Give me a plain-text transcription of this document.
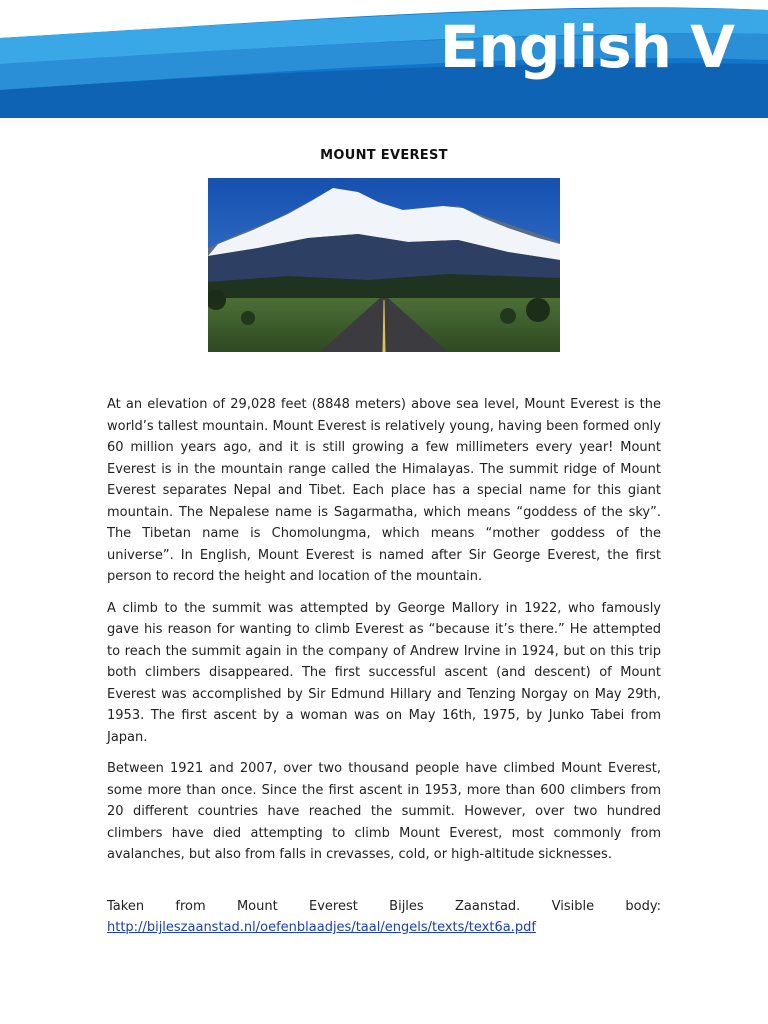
English V
MOUNT EVEREST

At an elevation of 29,028 feet (8848 meters) above sea level, Mount Everest is the world’s tallest mountain. Mount Everest is relatively young, having been formed only 60 million years ago, and it is still growing a few millimeters every year! Mount Everest is in the mountain range called the Himalayas. The summit ridge of Mount Everest separates Nepal and Tibet. Each place has a special name for this giant mountain. The Nepalese name is Sagarmatha, which means “goddess of the sky”. The Tibetan name is Chomolungma, which means “mother goddess of the universe”. In English, Mount Everest is named after Sir George Everest, the first person to record the height and location of the mountain.

A climb to the summit was attempted by George Mallory in 1922, who famously gave his reason for wanting to climb Everest as “because it’s there.” He attempted to reach the summit again in the company of Andrew Irvine in 1924, but on this trip both climbers disappeared. The first successful ascent (and descent) of Mount Everest was accomplished by Sir Edmund Hillary and Tenzing Norgay on May 29th, 1953. The first ascent by a woman was on May 16th, 1975, by Junko Tabei from Japan.

Between 1921 and 2007, over two thousand people have climbed Mount Everest, some more than once. Since the first ascent in 1953, more than 600 climbers from 20 different countries have reached the summit. However, over two hundred climbers have died attempting to climb Mount Everest, most commonly from avalanches, but also from falls in crevasses, cold, or high-altitude sicknesses.

Taken from Mount Everest Bijles Zaanstad. Visible body: http://bijleszaanstad.nl/oefenblaadjes/taal/engels/texts/text6a.pdf
